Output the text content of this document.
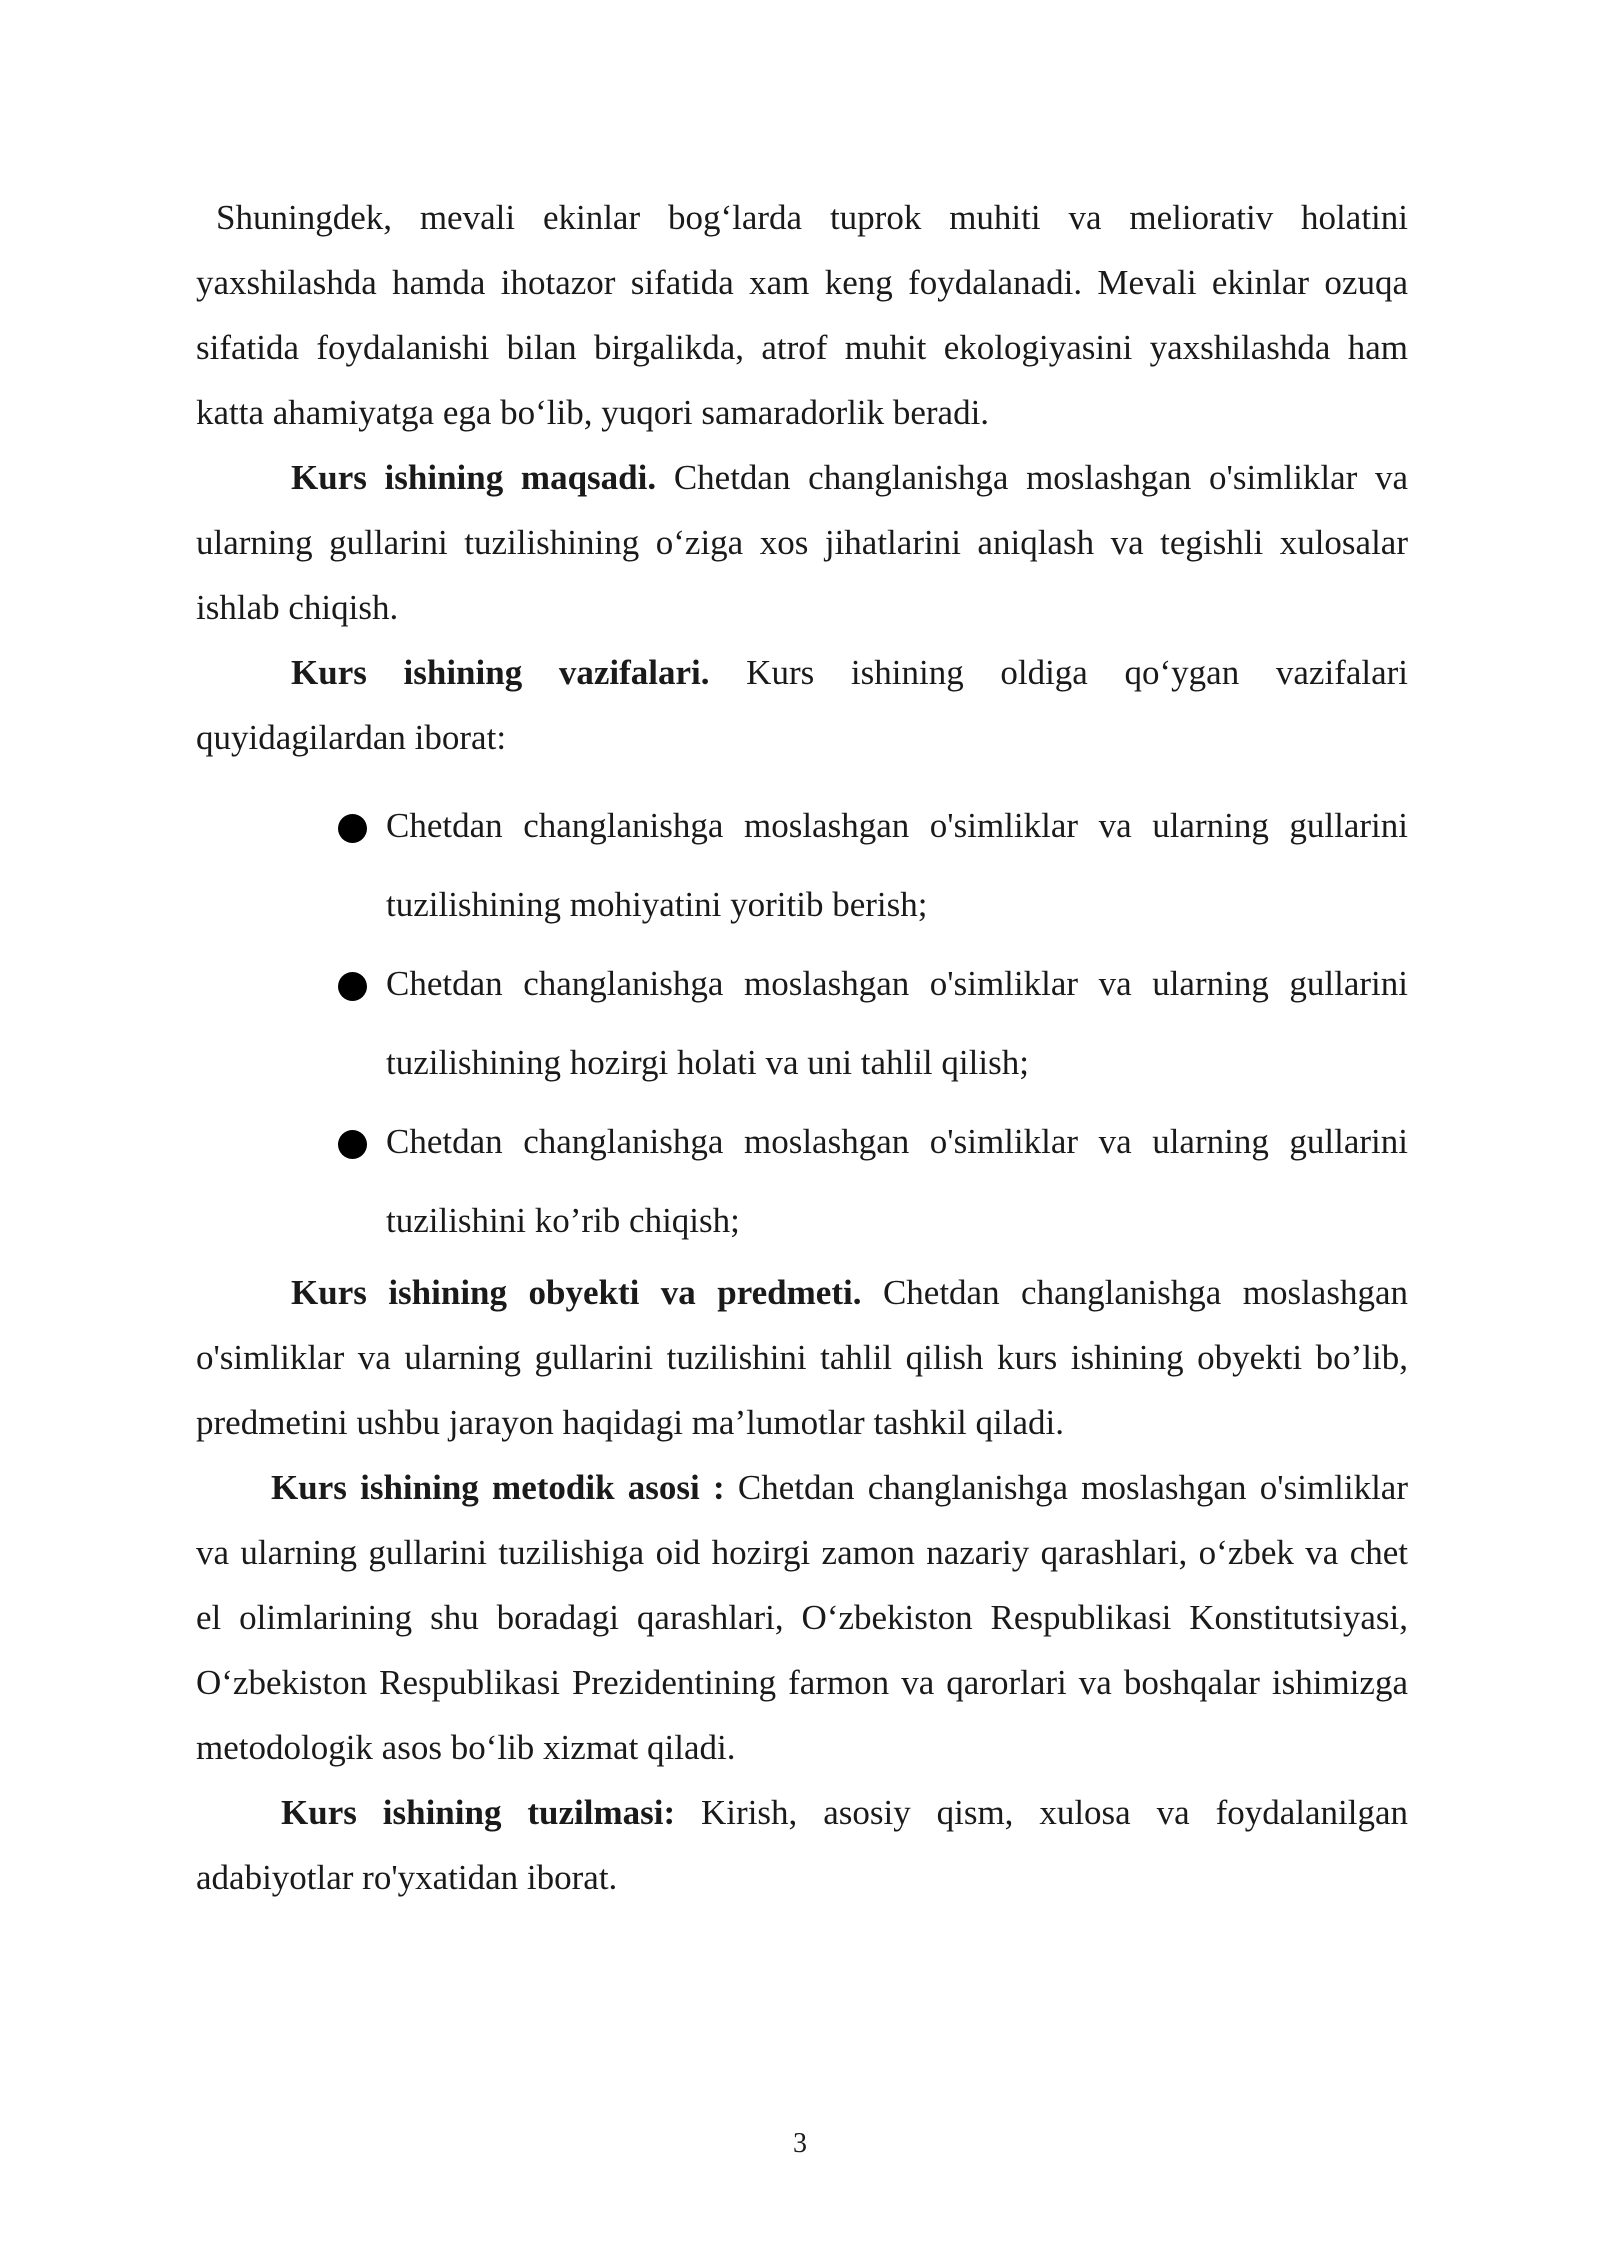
Shuningdek, mevali ekinlar bog‘larda tuprok muhiti va meliorativ holatini yaxshilashda hamda ihotazor sifatida xam keng foydalanadi. Mevali ekinlar ozuqa sifatida foydalanishi bilan birgalikda, atrof muhit ekologiyasini yaxshilashda ham katta ahamiyatga ega bo‘lib, yuqori samaradorlik beradi.

Kurs ishining maqsadi. Chetdan changlanishga moslashgan o'simliklar va ularning gullarini tuzilishining o‘ziga xos jihatlarini aniqlash va tegishli xulosalar ishlab chiqish.

Kurs ishining vazifalari. Kurs ishining oldiga qo‘ygan vazifalari quyidagilardan iborat:

Chetdan changlanishga moslashgan o'simliklar va ularning gullarini tuzilishining mohiyatini yoritib berish;
Chetdan changlanishga moslashgan o'simliklar va ularning gullarini tuzilishining hozirgi holati va uni tahlil qilish;
Chetdan changlanishga moslashgan o'simliklar va ularning gullarini tuzilishini ko’rib chiqish;

Kurs ishining obyekti va predmeti. Chetdan changlanishga moslashgan o'simliklar va ularning gullarini tuzilishini tahlil qilish kurs ishining obyekti bo’lib, predmetini ushbu jarayon haqidagi ma’lumotlar tashkil qiladi.

Kurs ishining metodik asosi : Chetdan changlanishga moslashgan o'simliklar va ularning gullarini tuzilishiga oid hozirgi zamon nazariy qarashlari, o‘zbek va chet el olimlarining shu boradagi qarashlari, O‘zbekiston Respublikasi Konstitutsiyasi, O‘zbekiston Respublikasi Prezidentining farmon va qarorlari va boshqalar ishimizga metodologik asos bo‘lib xizmat qiladi.

Kurs ishining tuzilmasi: Kirish, asosiy qism, xulosa va foydalanilgan adabiyotlar ro'yxatidan iborat.

3
